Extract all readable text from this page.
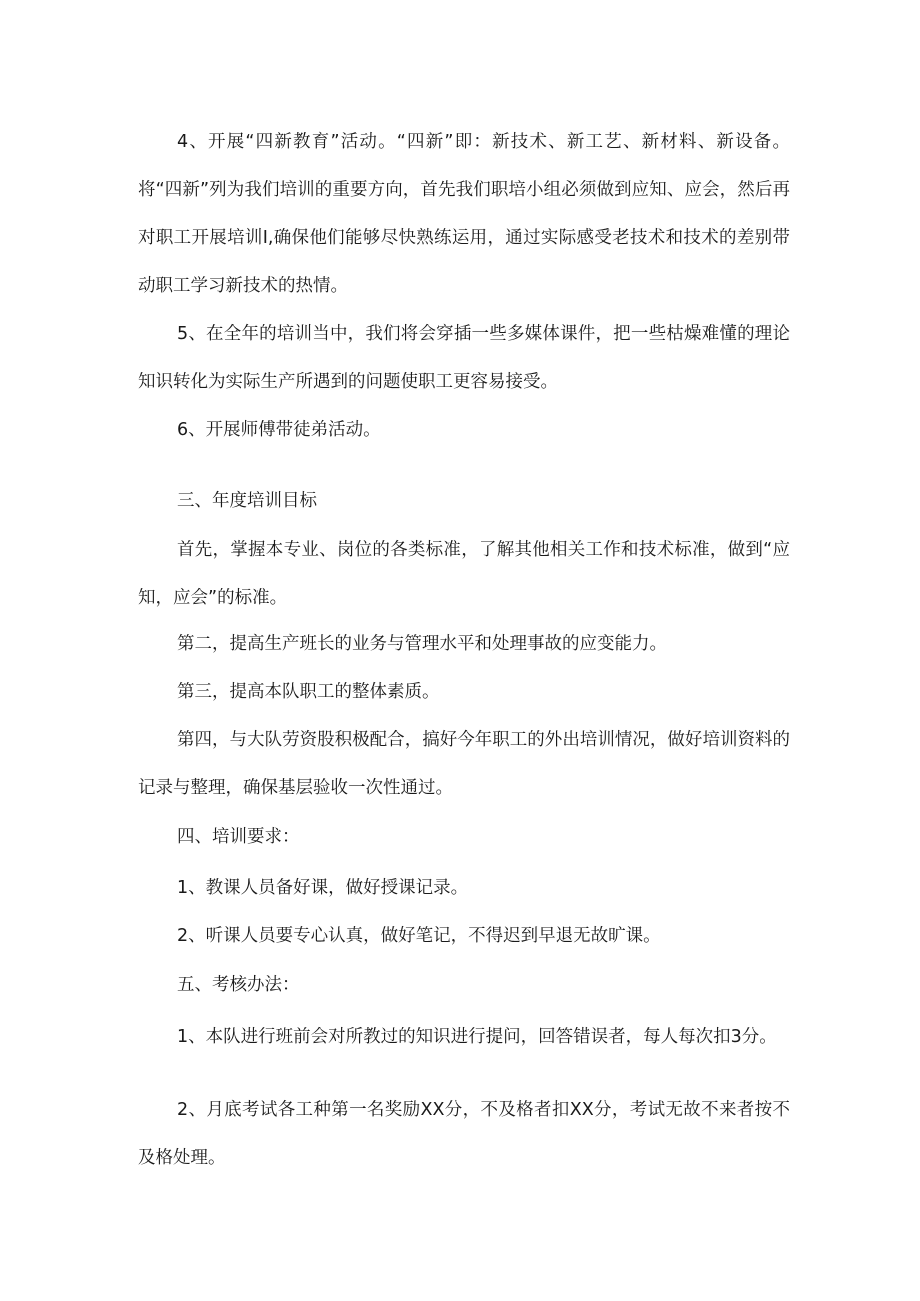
4、开展“四新教育”活动。“四新”即：新技术、新工艺、新材料、新设备。将“四新”列为我们培训的重要方向，首先我们职培小组必须做到应知、应会，然后再对职工开展培训I,确保他们能够尽快熟练运用，通过实际感受老技术和技术的差别带动职工学习新技术的热情。

5、在全年的培训当中，我们将会穿插一些多媒体课件，把一些枯燥难懂的理论知识转化为实际生产所遇到的问题使职工更容易接受。

6、开展师傅带徒弟活动。

三、年度培训目标

首先，掌握本专业、岗位的各类标准，了解其他相关工作和技术标准，做到“应知，应会”的标准。

第二，提高生产班长的业务与管理水平和处理事故的应变能力。

第三，提高本队职工的整体素质。

第四，与大队劳资股积极配合，搞好今年职工的外出培训情况，做好培训资料的记录与整理，确保基层验收一次性通过。

四、培训要求：

1、教课人员备好课，做好授课记录。

2、听课人员要专心认真，做好笔记，不得迟到早退无故旷课。

五、考核办法：

1、本队进行班前会对所教过的知识进行提问，回答错误者，每人每次扣3分。

2、月底考试各工种第一名奖励XX分，不及格者扣XX分，考试无故不来者按不及格处理。
